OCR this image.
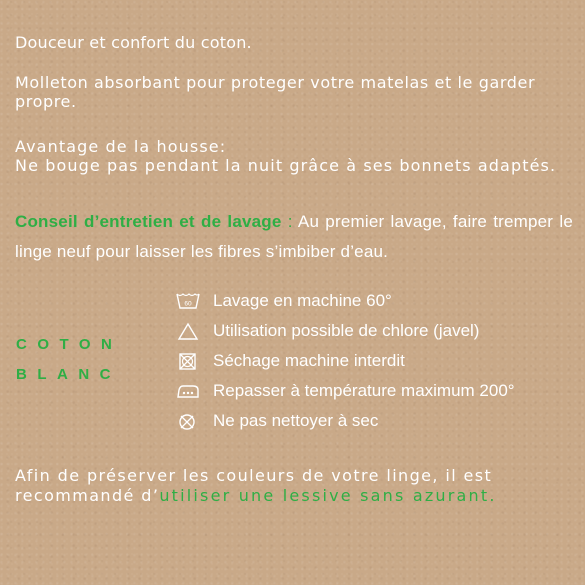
Douceur et confort du coton.

Molleton absorbant pour proteger votre matelas et le garder propre.

Avantage de la housse:
Ne bouge pas pendant la nuit grâce à ses bonnets adaptés.

Conseil d’entretien et de lavage : Au premier lavage, faire tremper le linge neuf pour laisser les fibres s’imbiber d’eau.

COTON
BLANC
60 Lavage en machine 60°
Utilisation possible de chlore (javel)
Séchage machine interdit
Repasser à température maximum 200°
Ne pas nettoyer à sec

Afin de préserver les couleurs de votre linge, il est recommandé d’utiliser une lessive sans azurant.
